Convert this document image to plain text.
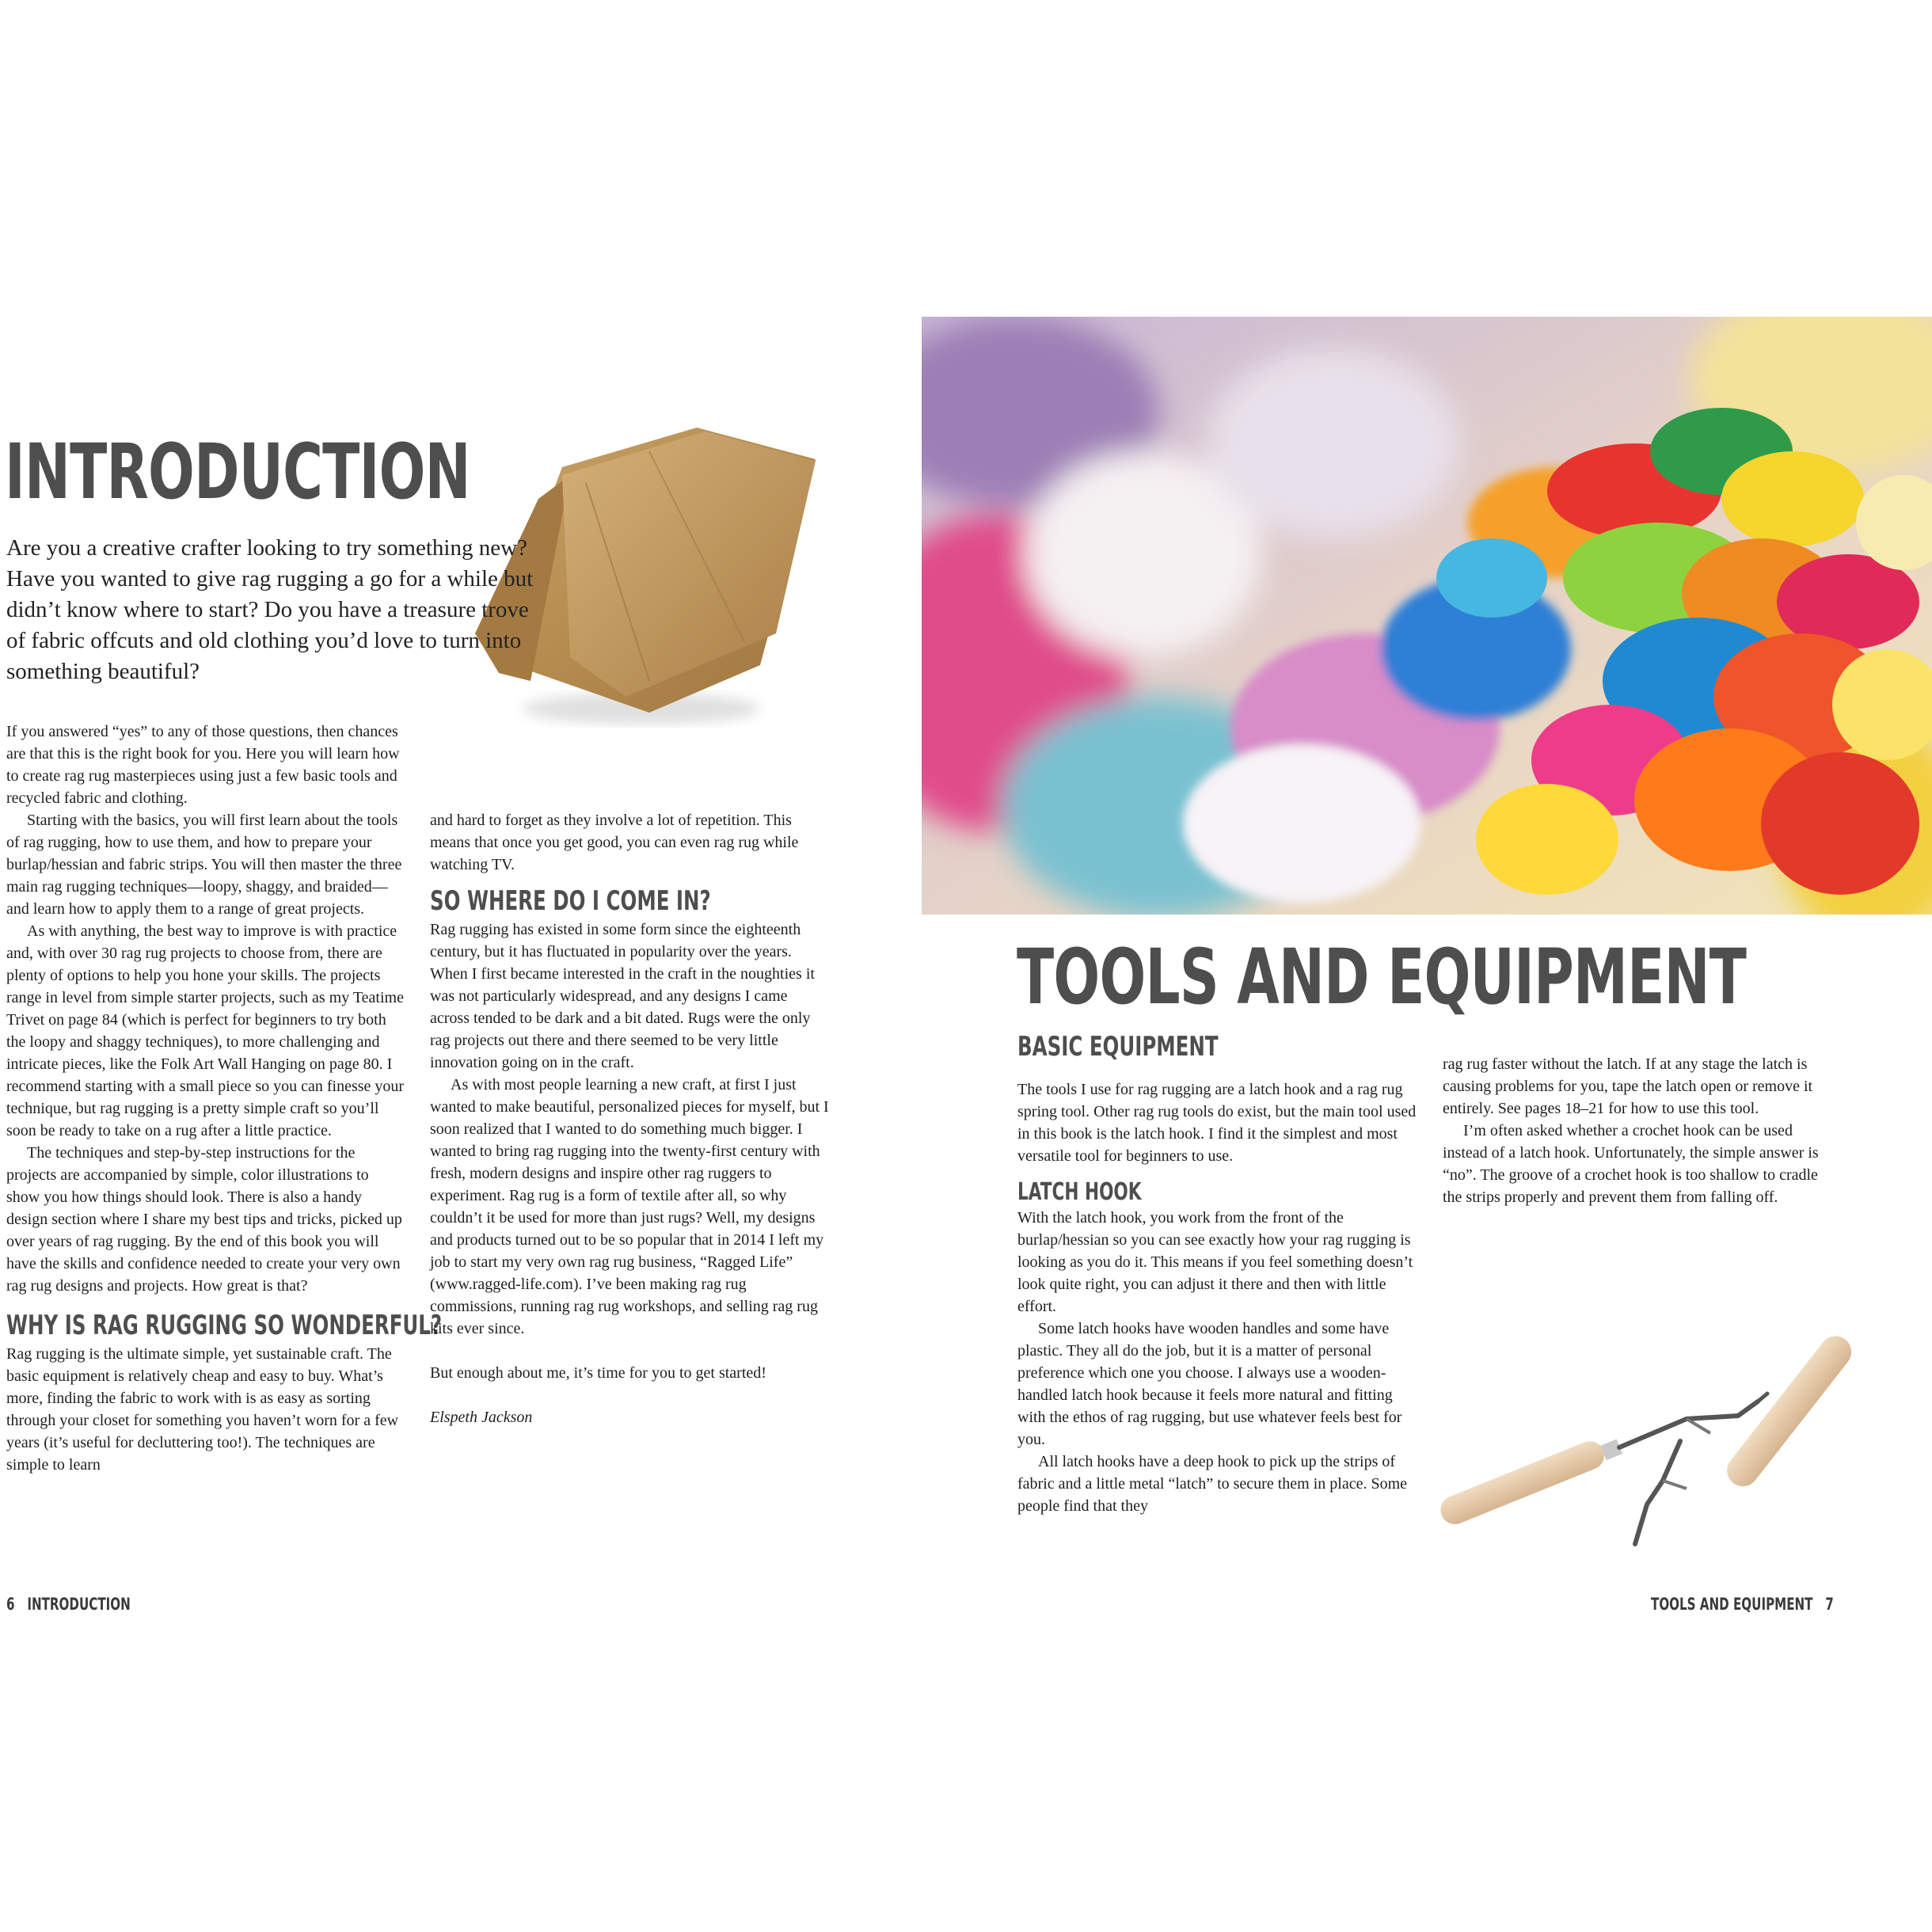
INTRODUCTION
Are you a creative crafter looking to try something new? Have you wanted to give rag rugging a go for a while but didn’t know where to start? Do you have a treasure trove of fabric offcuts and old clothing you’d love to turn into something beautiful?

If you answered “yes” to any of those questions, then chances are that this is the right book for you. Here you will learn how to create rag rug masterpieces using just a few basic tools and recycled fabric and clothing.

Starting with the basics, you will first learn about the tools of rag rugging, how to use them, and how to prepare your burlap/hessian and fabric strips. You will then master the three main rag rugging techniques—loopy, shaggy, and braided—and learn how to apply them to a range of great projects.

As with anything, the best way to improve is with practice and, with over 30 rag rug projects to choose from, there are plenty of options to help you hone your skills. The projects range in level from simple starter projects, such as my Teatime Trivet on page 84 (which is perfect for beginners to try both the loopy and shaggy techniques), to more challenging and intricate pieces, like the Folk Art Wall Hanging on page 80. I recommend starting with a small piece so you can finesse your technique, but rag rugging is a pretty simple craft so you’ll soon be ready to take on a rug after a little practice.

The techniques and step-by-step instructions for the projects are accompanied by simple, color illustrations to show you how things should look. There is also a handy design section where I share my best tips and tricks, picked up over years of rag rugging. By the end of this book you will have the skills and confidence needed to create your very own rag rug designs and projects. How great is that?

WHY IS RAG RUGGING SO WONDERFUL?

Rag rugging is the ultimate simple, yet sustainable craft. The basic equipment is relatively cheap and easy to buy. What’s more, finding the fabric to work with is as easy as sorting through your closet for something you haven’t worn for a few years (it’s useful for decluttering too!). The techniques are simple to learn

and hard to forget as they involve a lot of repetition. This means that once you get good, you can even rag rug while watching TV.

SO WHERE DO I COME IN?

Rag rugging has existed in some form since the eighteenth century, but it has fluctuated in popularity over the years. When I first became interested in the craft in the noughties it was not particularly widespread, and any designs I came across tended to be dark and a bit dated. Rugs were the only rag projects out there and there seemed to be very little innovation going on in the craft.

As with most people learning a new craft, at first I just wanted to make beautiful, personalized pieces for myself, but I soon realized that I wanted to do something much bigger. I wanted to bring rag rugging into the twenty-first century with fresh, modern designs and inspire other rag ruggers to experiment. Rag rug is a form of textile after all, so why couldn’t it be used for more than just rugs? Well, my designs and products turned out to be so popular that in 2014 I left my job to start my very own rag rug business, “Ragged Life” (www.ragged-life.com). I’ve been making rag rug commissions, running rag rug workshops, and selling rag rug kits ever since.

But enough about me, it’s time for you to get started!

Elspeth Jackson

6 INTRODUCTION
TOOLS AND EQUIPMENT
BASIC EQUIPMENT

The tools I use for rag rugging are a latch hook and a rag rug spring tool. Other rag rug tools do exist, but the main tool used in this book is the latch hook. I find it the simplest and most versatile tool for beginners to use.

LATCH HOOK

With the latch hook, you work from the front of the burlap/hessian so you can see exactly how your rag rugging is looking as you do it. This means if you feel something doesn’t look quite right, you can adjust it there and then with little effort.

Some latch hooks have wooden handles and some have plastic. They all do the job, but it is a matter of personal preference which one you choose. I always use a wooden-handled latch hook because it feels more natural and fitting with the ethos of rag rugging, but use whatever feels best for you.

All latch hooks have a deep hook to pick up the strips of fabric and a little metal “latch” to secure them in place. Some people find that they

rag rug faster without the latch. If at any stage the latch is causing problems for you, tape the latch open or remove it entirely. See pages 18–21 for how to use this tool.

I’m often asked whether a crochet hook can be used instead of a latch hook. Unfortunately, the simple answer is “no”. The groove of a crochet hook is too shallow to cradle the strips properly and prevent them from falling off.

TOOLS AND EQUIPMENT 7
